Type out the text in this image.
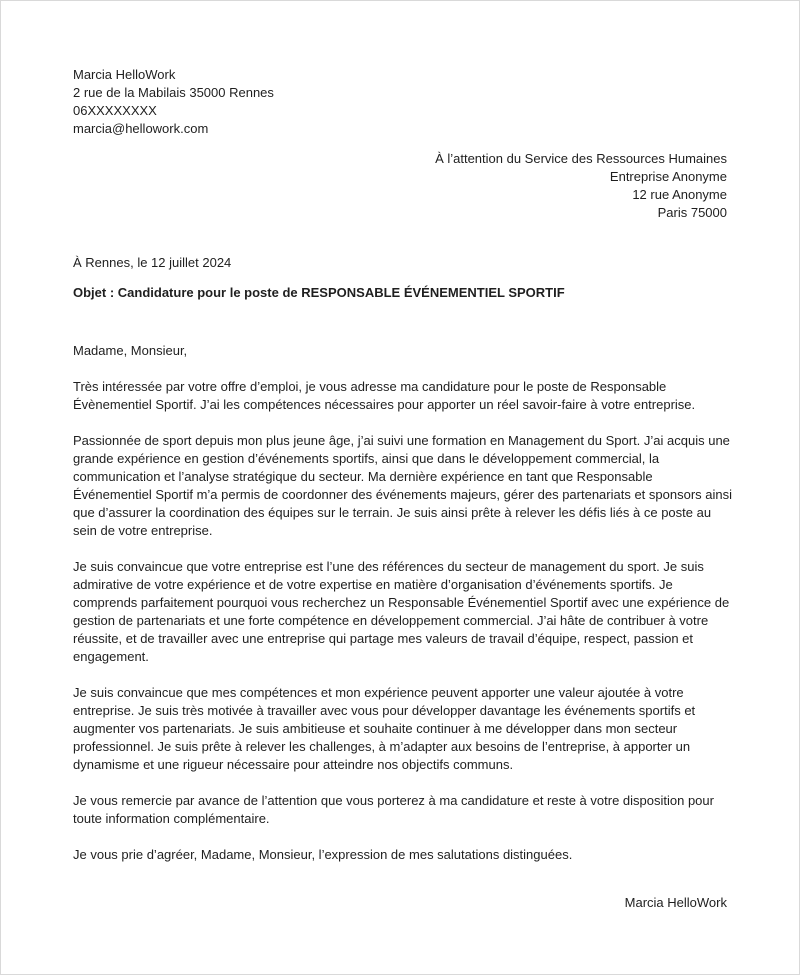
Marcia HelloWork
2 rue de la Mabilais 35000 Rennes
06XXXXXXXX
marcia@hellowork.com
À l’attention du Service des Ressources Humaines
Entreprise Anonyme
12 rue Anonyme
Paris 75000
À Rennes, le 12 juillet 2024
Objet : Candidature pour le poste de RESPONSABLE ÉVÉNEMENTIEL SPORTIF

Madame, Monsieur,

Très intéressée par votre offre d’emploi, je vous adresse ma candidature pour le poste de Responsable Évènementiel Sportif. J’ai les compétences nécessaires pour apporter un réel savoir-faire à votre entreprise.

Passionnée de sport depuis mon plus jeune âge, j’ai suivi une formation en Management du Sport. J’ai acquis une grande expérience en gestion d’événements sportifs, ainsi que dans le développement commercial, la communication et l’analyse stratégique du secteur. Ma dernière expérience en tant que Responsable Événementiel Sportif m’a permis de coordonner des événements majeurs, gérer des partenariats et sponsors ainsi que d’assurer la coordination des équipes sur le terrain. Je suis ainsi prête à relever les défis liés à ce poste au sein de votre entreprise.

Je suis convaincue que votre entreprise est l’une des références du secteur de management du sport. Je suis admirative de votre expérience et de votre expertise en matière d’organisation d’événements sportifs. Je comprends parfaitement pourquoi vous recherchez un Responsable Événementiel Sportif avec une expérience de gestion de partenariats et une forte compétence en développement commercial. J’ai hâte de contribuer à votre réussite, et de travailler avec une entreprise qui partage mes valeurs de travail d’équipe, respect, passion et engagement.

Je suis convaincue que mes compétences et mon expérience peuvent apporter une valeur ajoutée à votre entreprise. Je suis très motivée à travailler avec vous pour développer davantage les événements sportifs et augmenter vos partenariats. Je suis ambitieuse et souhaite continuer à me développer dans mon secteur professionnel. Je suis prête à relever les challenges, à m’adapter aux besoins de l’entreprise, à apporter un dynamisme et une rigueur nécessaire pour atteindre nos objectifs communs.

Je vous remercie par avance de l’attention que vous porterez à ma candidature et reste à votre disposition pour toute information complémentaire.

Je vous prie d’agréer, Madame, Monsieur, l’expression de mes salutations distinguées.

Marcia HelloWork
